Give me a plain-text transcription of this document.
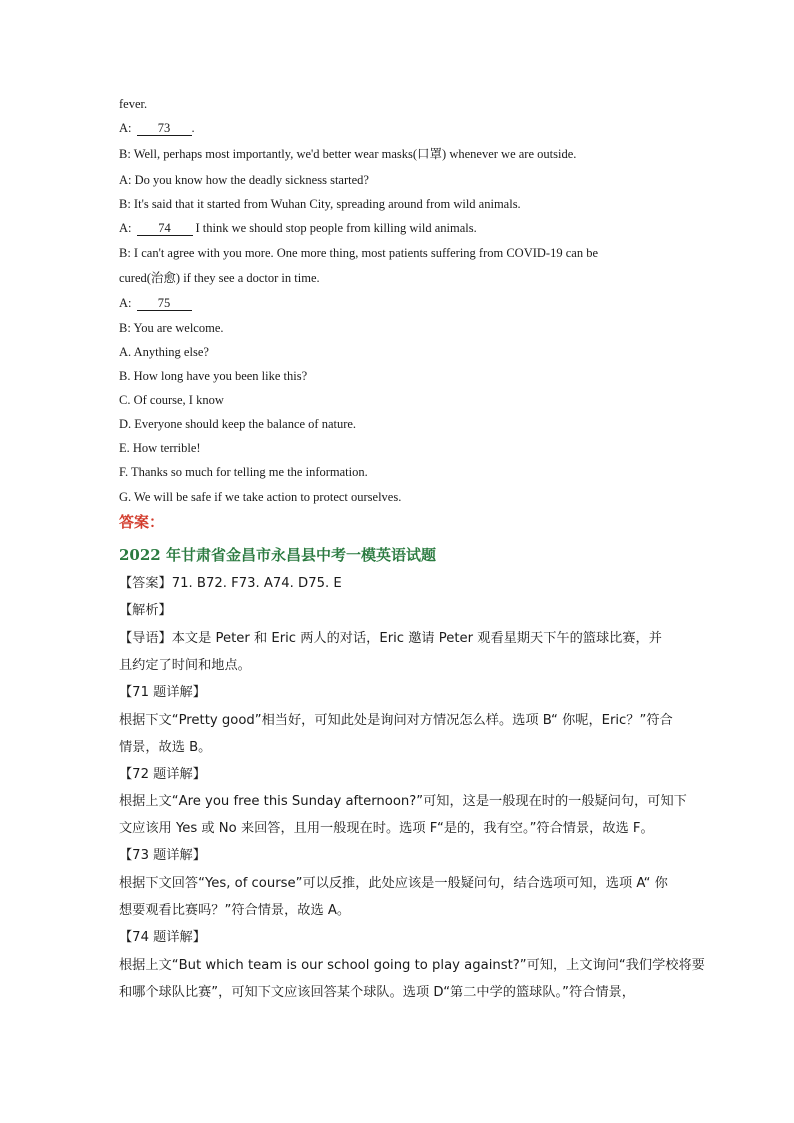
fever.
A: 73 .
B: Well, perhaps most importantly, we'd better wear masks(口罩) whenever we are outside.
A: Do you know how the deadly sickness started?
B: It's said that it started from Wuhan City, spreading around from wild animals.
A: 74 I think we should stop people from killing wild animals.
B: I can't agree with you more. One more thing, most patients suffering from COVID-19 can be
cured(治愈) if they see a doctor in time.
A: 75
B: You are welcome.
A. Anything else?
B. How long have you been like this?
C. Of course, I know
D. Everyone should keep the balance of nature.
E. How terrible!
F. Thanks so much for telling me the information.
G. We will be safe if we take action to protect ourselves.
答案：
2022 年甘肃省金昌市永昌县中考一模英语试题
【答案】71. B72. F73. A74. D75. E
【解析】
【导语】本文是 Peter 和 Eric 两人的对话，Eric 邀请 Peter 观看星期天下午的篮球比赛，并
且约定了时间和地点。
【71 题详解】
根据下文“Pretty good”相当好，可知此处是询问对方情况怎么样。选项 B“ 你呢，Eric？”符合
情景，故选 B。
【72 题详解】
根据上文“Are you free this Sunday afternoon?”可知，这是一般现在时的一般疑问句，可知下
文应该用 Yes 或 No 来回答，且用一般现在时。选项 F“是的，我有空。”符合情景，故选 F。
【73 题详解】
根据下文回答“Yes, of course”可以反推，此处应该是一般疑问句，结合选项可知，选项 A“ 你
想要观看比赛吗？”符合情景，故选 A。
【74 题详解】
根据上文“But which team is our school going to play against?”可知，上文询问“我们学校将要
和哪个球队比赛”，可知下文应该回答某个球队。选项 D“第二中学的篮球队。”符合情景，
